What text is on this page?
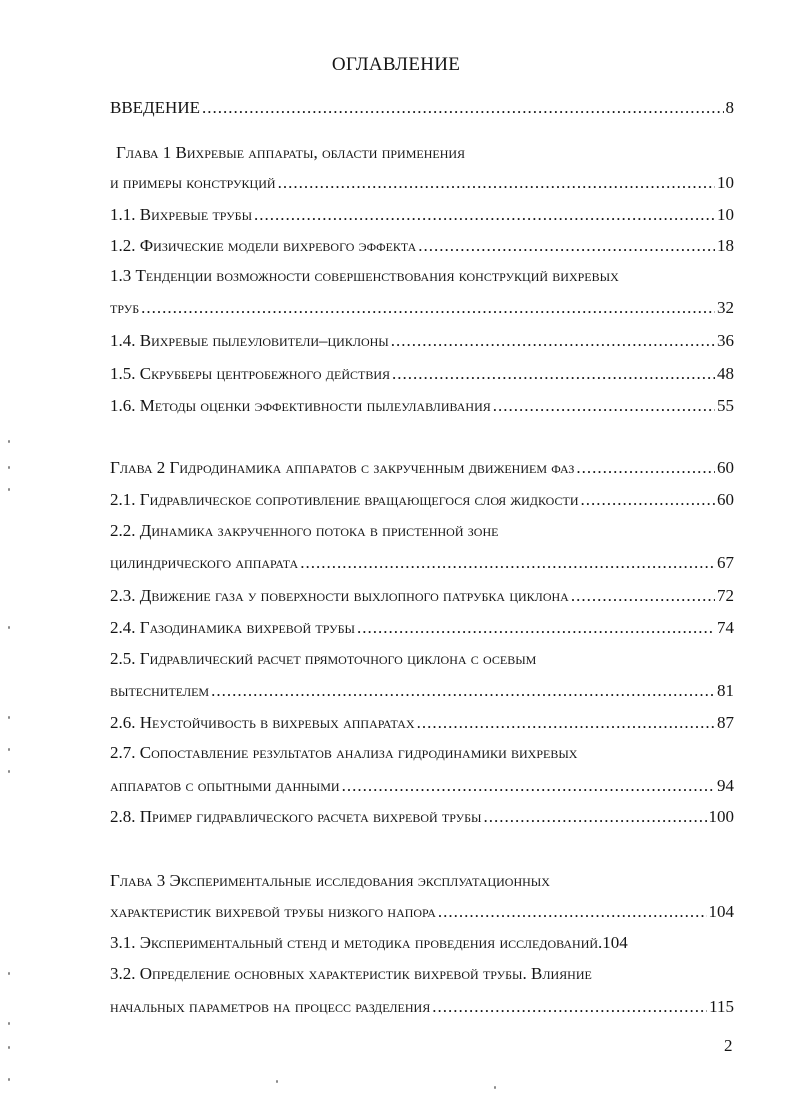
ОГЛАВЛЕНИЕ
ВВЕДЕНИЕ .....	8
Глава 1 Вихревые аппараты, области применения
и примеры конструкций .....	10
1.1. Вихревые трубы .....	10
1.2. Физические модели вихревого эффекта .....	18
1.3 Тенденции возможности совершенствования конструкций вихревых
труб .....	32
1.4. Вихревые пылеуловители–циклоны .....	36
1.5. Скрубберы центробежного действия .....	48
1.6. Методы оценки эффективности пылеулавливания .....	55
Глава 2 Гидродинамика аппаратов с закрученным движением фаз .....	60
2.1. Гидравлическое сопротивление вращающегося слоя жидкости .....	60
2.2. Динамика закрученного потока в пристенной зоне
цилиндрического аппарата .....	67
2.3. Движение газа у поверхности выхлопного патрубка циклона .....	72
2.4. Газодинамика вихревой трубы .....	74
2.5. Гидравлический расчет прямоточного циклона с осевым
вытеснителем .....	81
2.6. Неустойчивость в вихревых аппаратах .....	87
2.7. Сопоставление результатов анализа гидродинамики вихревых
аппаратов с опытными данными .....	94
2.8. Пример гидравлического расчета вихревой трубы .....	100
Глава 3 Экспериментальные исследования эксплуатационных
характеристик вихревой трубы низкого напора .....	104
3.1. Экспериментальный стенд и методика проведения исследований. 104
3.2. Определение основных характеристик вихревой трубы. Влияние
начальных параметров на процесс разделения .....	115
2
